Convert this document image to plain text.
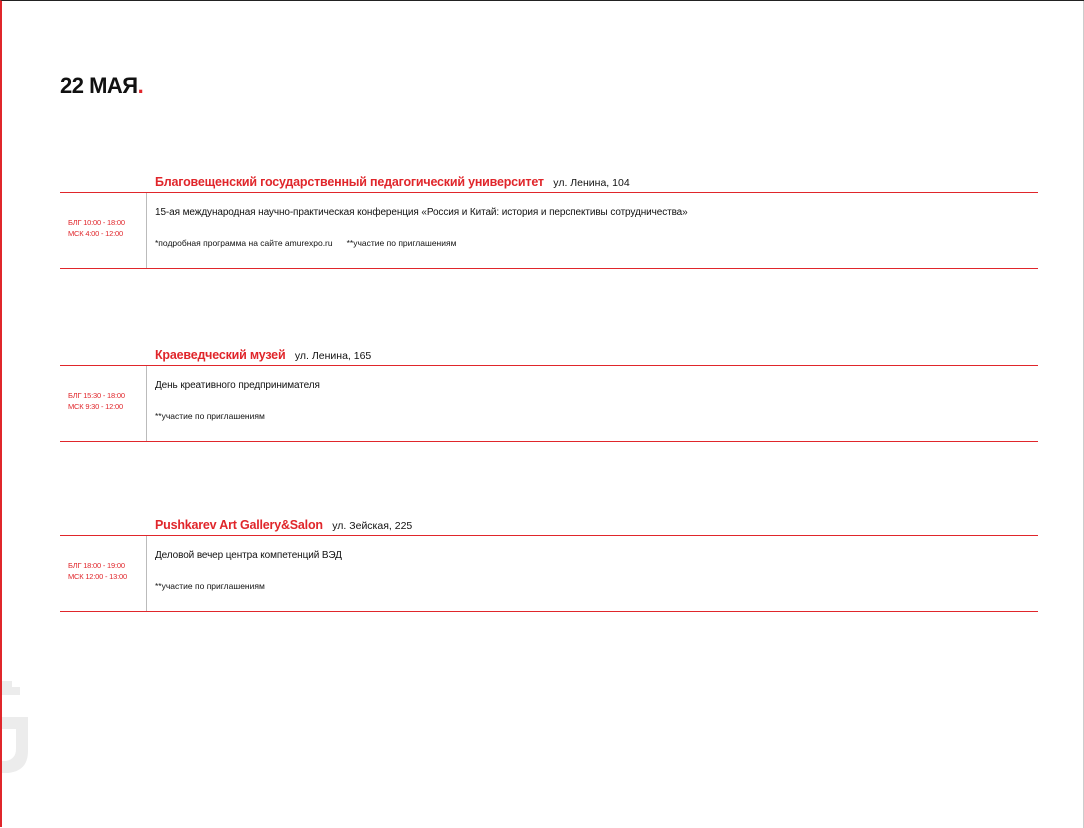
22 МАЯ.
Благовещенский государственный педагогический университет ул. Ленина, 104
БЛГ 10:00 - 18:00
МСК 4:00 - 12:00
15-ая международная научно-практическая конференция «Россия и Китай: история и перспективы сотрудничества»
*подробная программа на сайте amurexpo.ru **участие по приглашениям
Краеведческий музей ул. Ленина, 165
БЛГ 15:30 - 18:00
МСК 9:30 - 12:00
День креативного предпринимателя
**участие по приглашениям
Pushkarev Art Gallery&Salon ул. Зейская, 225
БЛГ 18:00 - 19:00
МСК 12:00 - 13:00
Деловой вечер центра компетенций ВЭД
**участие по приглашениям
